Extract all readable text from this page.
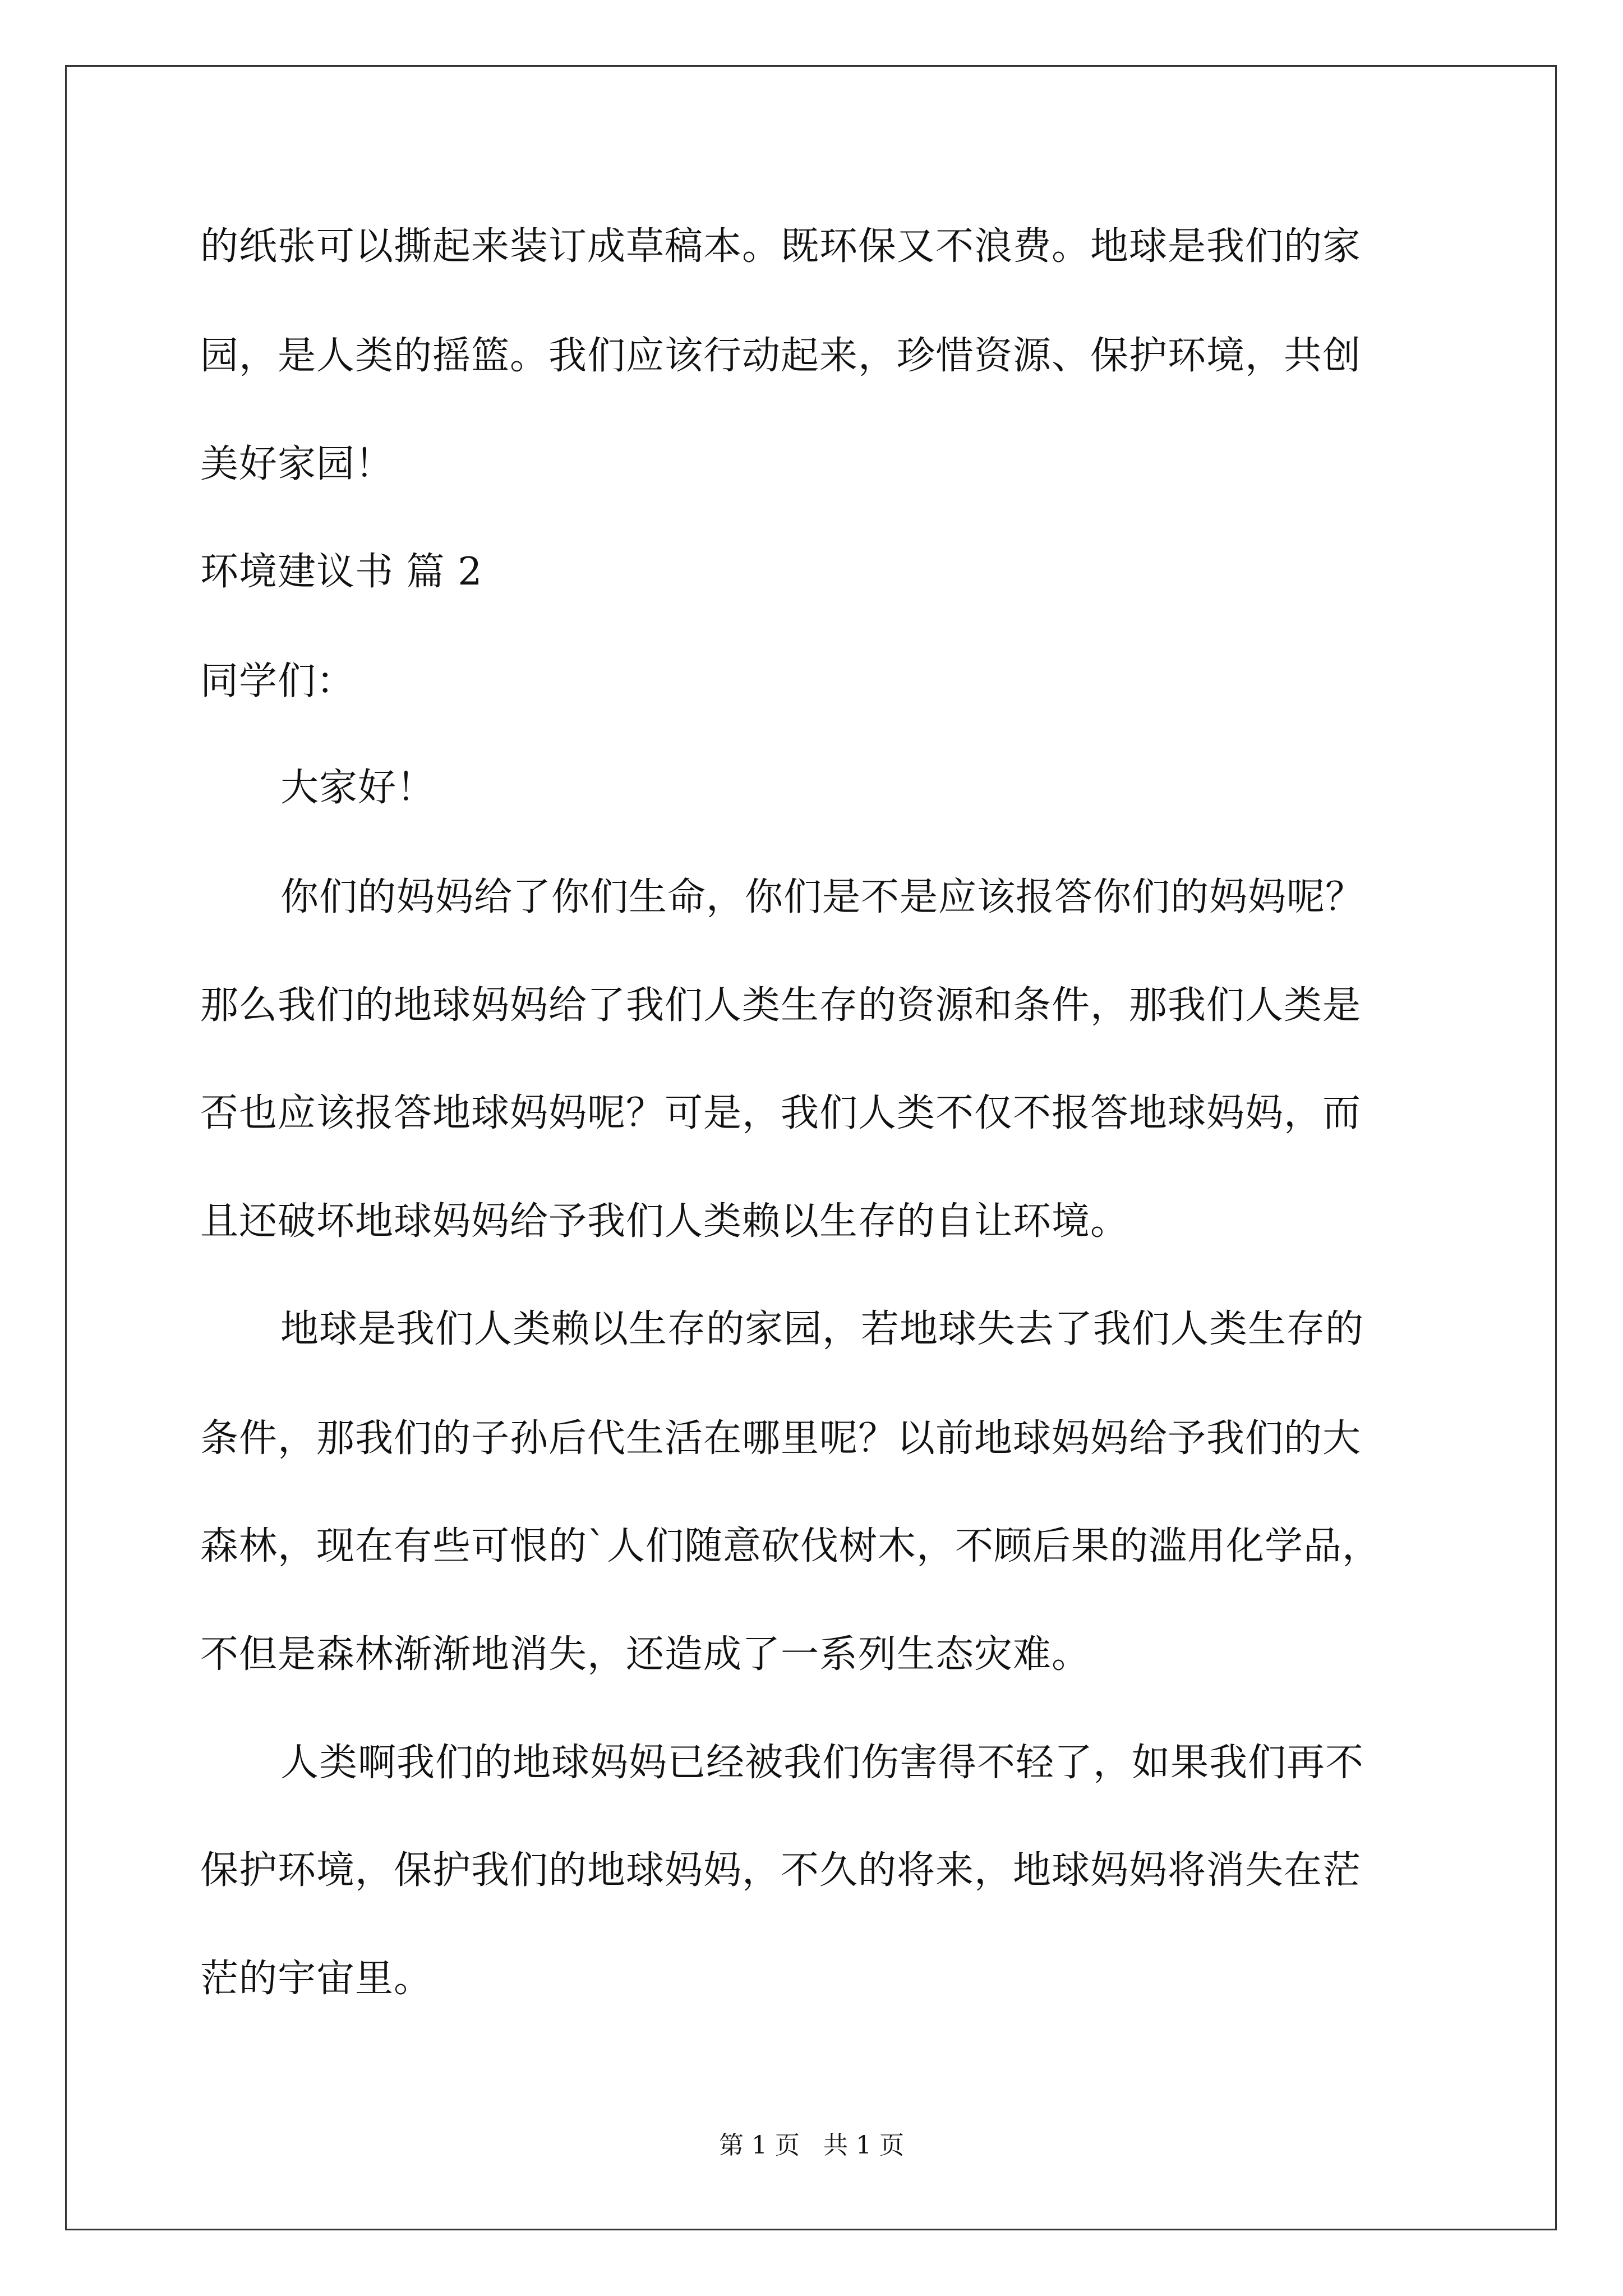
的纸张可以撕起来装订成草稿本。既环保又不浪费。地球是我们的家
园，是人类的摇篮。我们应该行动起来，珍惜资源、保护环境，共创
美好家园！
环境建议书 篇 2
同学们：
大家好！
你们的妈妈给了你们生命，你们是不是应该报答你们的妈妈呢？
那么我们的地球妈妈给了我们人类生存的资源和条件，那我们人类是
否也应该报答地球妈妈呢？可是，我们人类不仅不报答地球妈妈，而
且还破坏地球妈妈给予我们人类赖以生存的自让环境。
地球是我们人类赖以生存的家园，若地球失去了我们人类生存的
条件，那我们的子孙后代生活在哪里呢？以前地球妈妈给予我们的大
森林，现在有些可恨的`人们随意砍伐树木，不顾后果的滥用化学品，
不但是森林渐渐地消失，还造成了一系列生态灾难。
人类啊我们的地球妈妈已经被我们伤害得不轻了，如果我们再不
保护环境，保护我们的地球妈妈，不久的将来，地球妈妈将消失在茫
茫的宇宙里。
第 1 页   共 1 页
